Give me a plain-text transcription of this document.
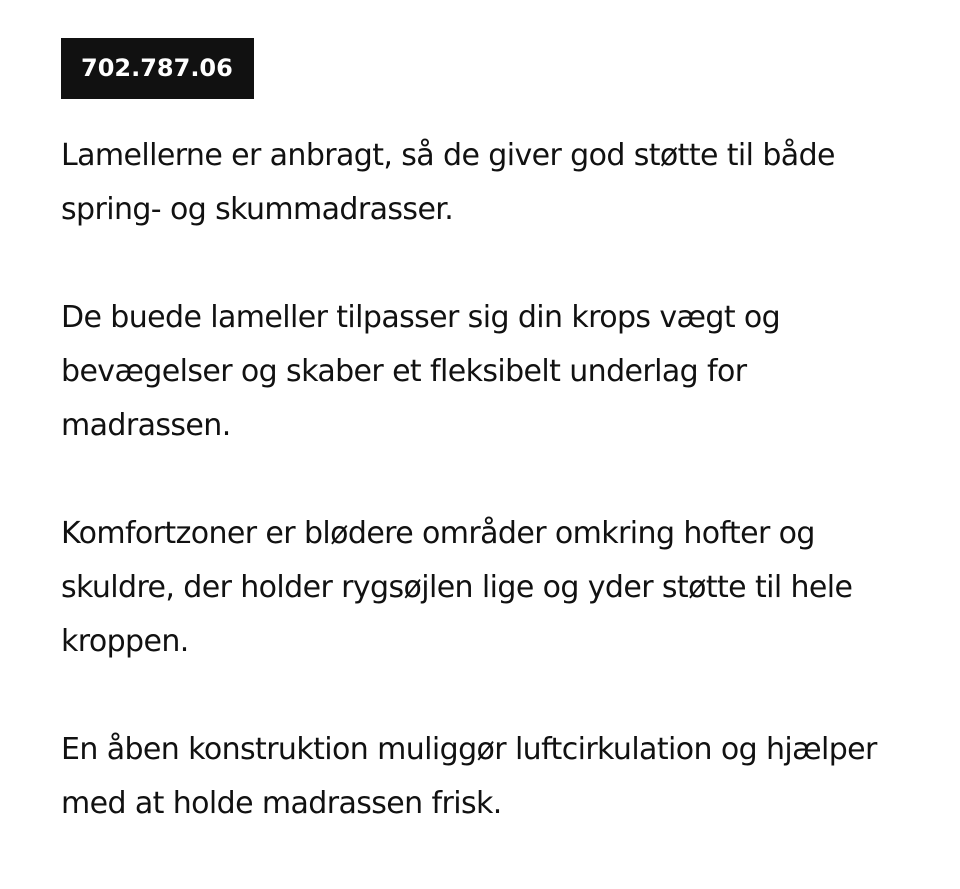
702.787.06

Lamellerne er anbragt, så de giver god støtte til både spring- og skummadrasser.

De buede lameller tilpasser sig din krops vægt og bevægelser og skaber et fleksibelt underlag for madrassen.

Komfortzoner er blødere områder omkring hofter og skuldre, der holder rygsøjlen lige og yder støtte til hele kroppen.

En åben konstruktion muliggør luftcirkulation og hjælper med at holde madrassen frisk.
